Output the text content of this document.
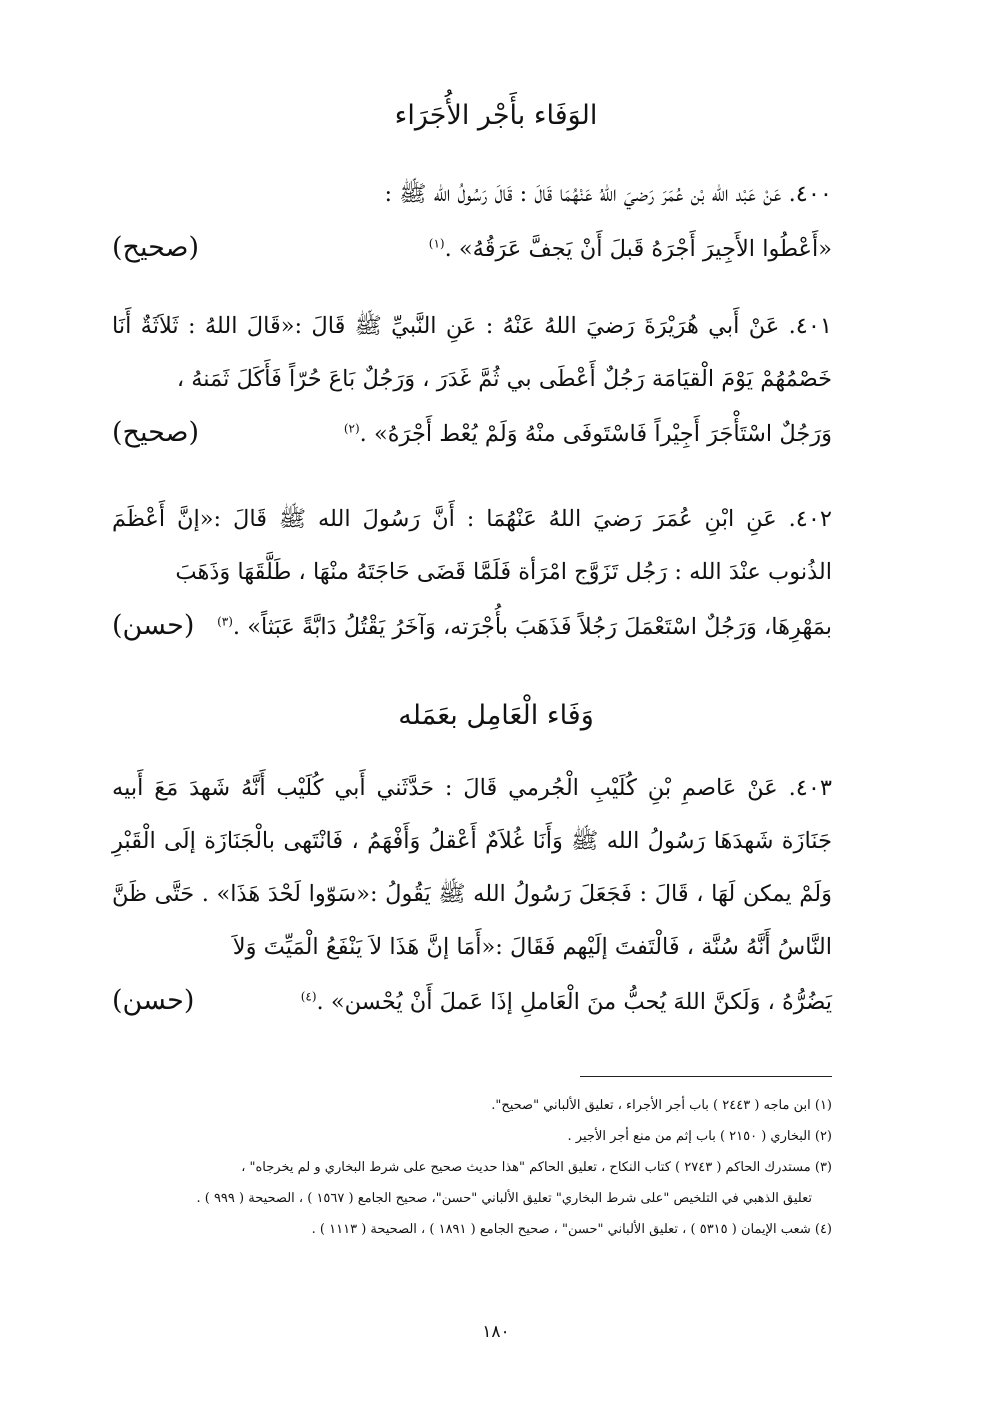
الوَفَاء بأَجْر الأُجَرَاء
٤٠٠. عَنْ عَبْد الله بْن عُمَرَ رَضيَ اللهُ عَنْهُمَا قَالَ : قَالَ رَسُولُ الله ﷺ :
«أَعْطُوا الأَجِيرَ أَجْرَهُ قَبلَ أَنْ يَجفَّ عَرَقُهُ» .$^{(١)}$
(صحيح)
٤٠١. عَنْ أَبي هُرَيْرَةَ رَضيَ اللهُ عَنْهُ : عَنِ النَّبيِّ ﷺ قَالَ :«قَالَ اللهُ : ثَلاَثَةٌ أَنَا خَصْمُهُمْ يَوْمَ الْقيَامَة رَجُلٌ أَعْطَى بي ثُمَّ غَدَرَ ، وَرَجُلٌ بَاعَ حُرّاً فَأَكَلَ ثَمَنهُ ،
وَرَجُلٌ اسْتَأْجَرَ أَجِيْراً فَاسْتَوفَى منْهُ وَلَمْ يُعْط أَجْرَهُ» .$^{(٢)}$
(صحيح)
٤٠٢. عَنِ ابْنِ عُمَرَ رَضيَ اللهُ عَنْهُمَا : أَنَّ رَسُولَ الله ﷺ قَالَ :«إنَّ أَعْظَمَ الذُنوب عنْدَ الله : رَجُل تَزَوَّج امْرَأة فَلَمَّا قَضَى حَاجَتَهُ منْهَا ، طَلَّقَهَا وَذَهَبَ
بمَهْرِهَا، وَرَجُلٌ اسْتَعْمَلَ رَجُلاً فَذَهَبَ بأُجْرَته، وَآخَرُ يَقْتُلُ دَابَّةً عَبَثاً» .$^{(٣)}$
(حسن)
وَفَاء الْعَامِل بعَمَله
٤٠٣. عَنْ عَاصمِ بْنِ كُلَيْبِ الْجُرمي قَالَ : حَدَّثَني أَبي كُلَيْب أَنَّهُ شَهدَ مَعَ أَبيه جَنَازَة شَهدَهَا رَسُولُ الله ﷺ وَأَنَا غُلاَمٌ أَعْقلُ وَأَفْهَمُ ، فَانْتَهى بالْجَنَازَة إلَى الْقَبْرِ وَلَمْ يمكن لَهَا ، قَالَ : فَجَعَلَ رَسُولُ الله ﷺ يَقُولُ :«سَوّوا لَحْدَ هَذَا» . حَتَّى ظَنَّ النَّاسُ أَنَّهُ سُنَّة ، فَالْتَفتَ إلَيْهم فَقَالَ :«أَمَا إنَّ هَذَا لاَ يَنْفَعُ الْمَيِّتَ وَلاَ
يَضُرُّهُ ، وَلَكنَّ اللهَ يُحبُّ منَ الْعَاملِ إذَا عَملَ أَنْ يُحْسن» .$^{(٤)}$
(حسن)
(١) ابن ماجه ( ٢٤٤٣ ) باب أجر الأجراء ، تعليق الألباني "صحيح".
(٢) البخاري ( ٢١٥٠ ) باب إثم من منع أجر الأجير .
(٣) مستدرك الحاكم ( ٢٧٤٣ ) كتاب النكاح ، تعليق الحاكم "هذا حديث صحيح على شرط البخاري و لم يخرجاه" ،
تعليق الذهبي في التلخيص "على شرط البخاري" تعليق الألباني "حسن"، صحيح الجامع ( ١٥٦٧ ) ، الصحيحة ( ٩٩٩ ) .
(٤) شعب الإيمان ( ٥٣١٥ ) ، تعليق الألباني "حسن" ، صحيح الجامع ( ١٨٩١ ) ، الصحيحة ( ١١١٣ ) .
١٨٠
